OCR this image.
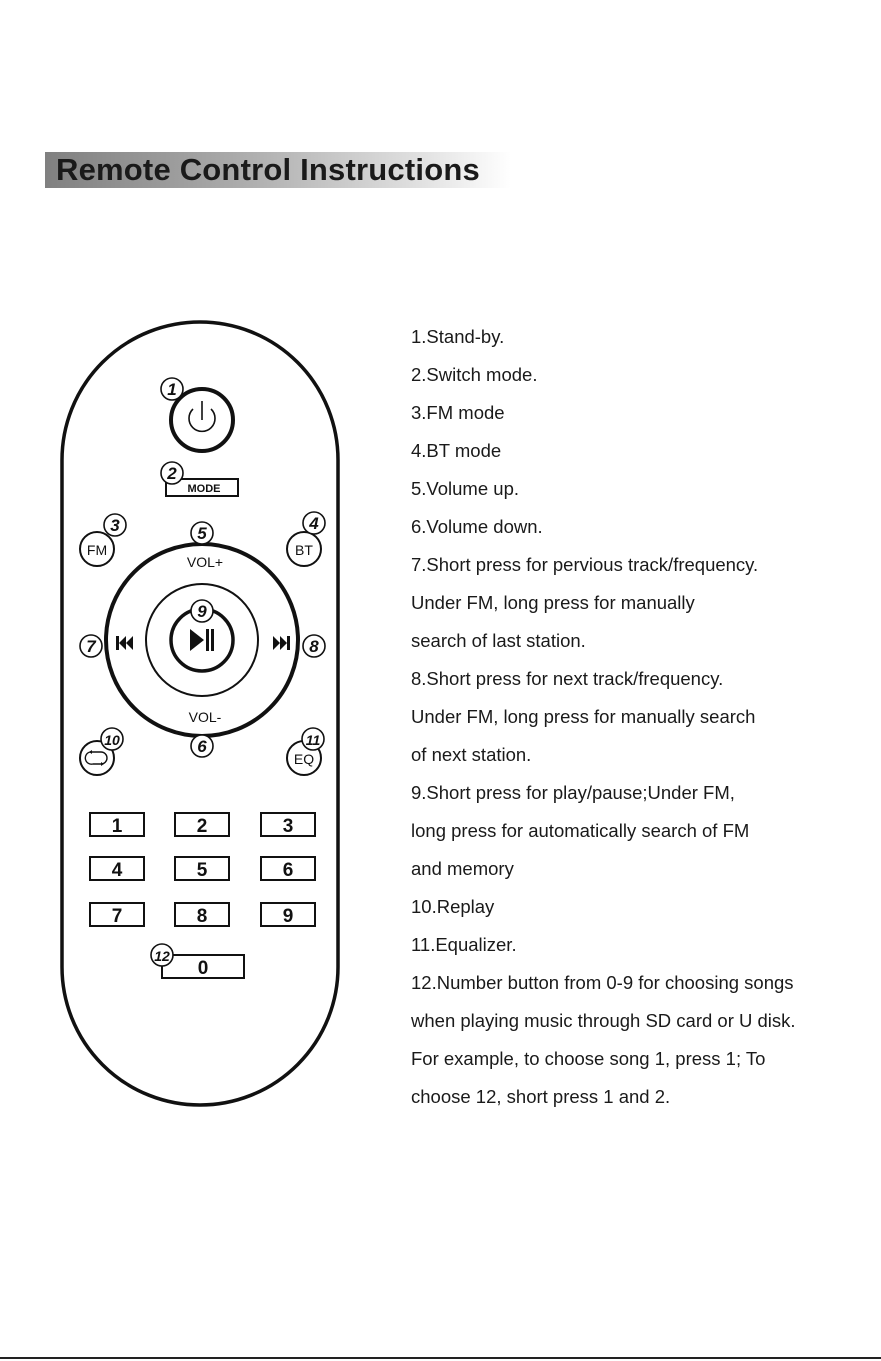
Remote Control Instructions
MODE
FM	BT
VOL+
VOL-
EQ
1	2	3
4	5	6
7	8	9
0
1
2
3	4
5
6
7	8
9
10	11
12
1.Stand-by.
2.Switch mode.
3.FM mode
4.BT mode
5.Volume up.
6.Volume down.
7.Short press for pervious track/frequency.
Under FM, long press for manually
search of last station.
8.Short press for next track/frequency.
Under FM, long press for manually search
of next station.
9.Short press for play/pause;Under FM,
long press for automatically search of FM
and memory
10.Replay
11.Equalizer.
12.Number button from 0-9 for choosing songs
when playing music through SD card or U disk.
For example, to choose song 1, press 1; To
choose 12, short press 1 and 2.
